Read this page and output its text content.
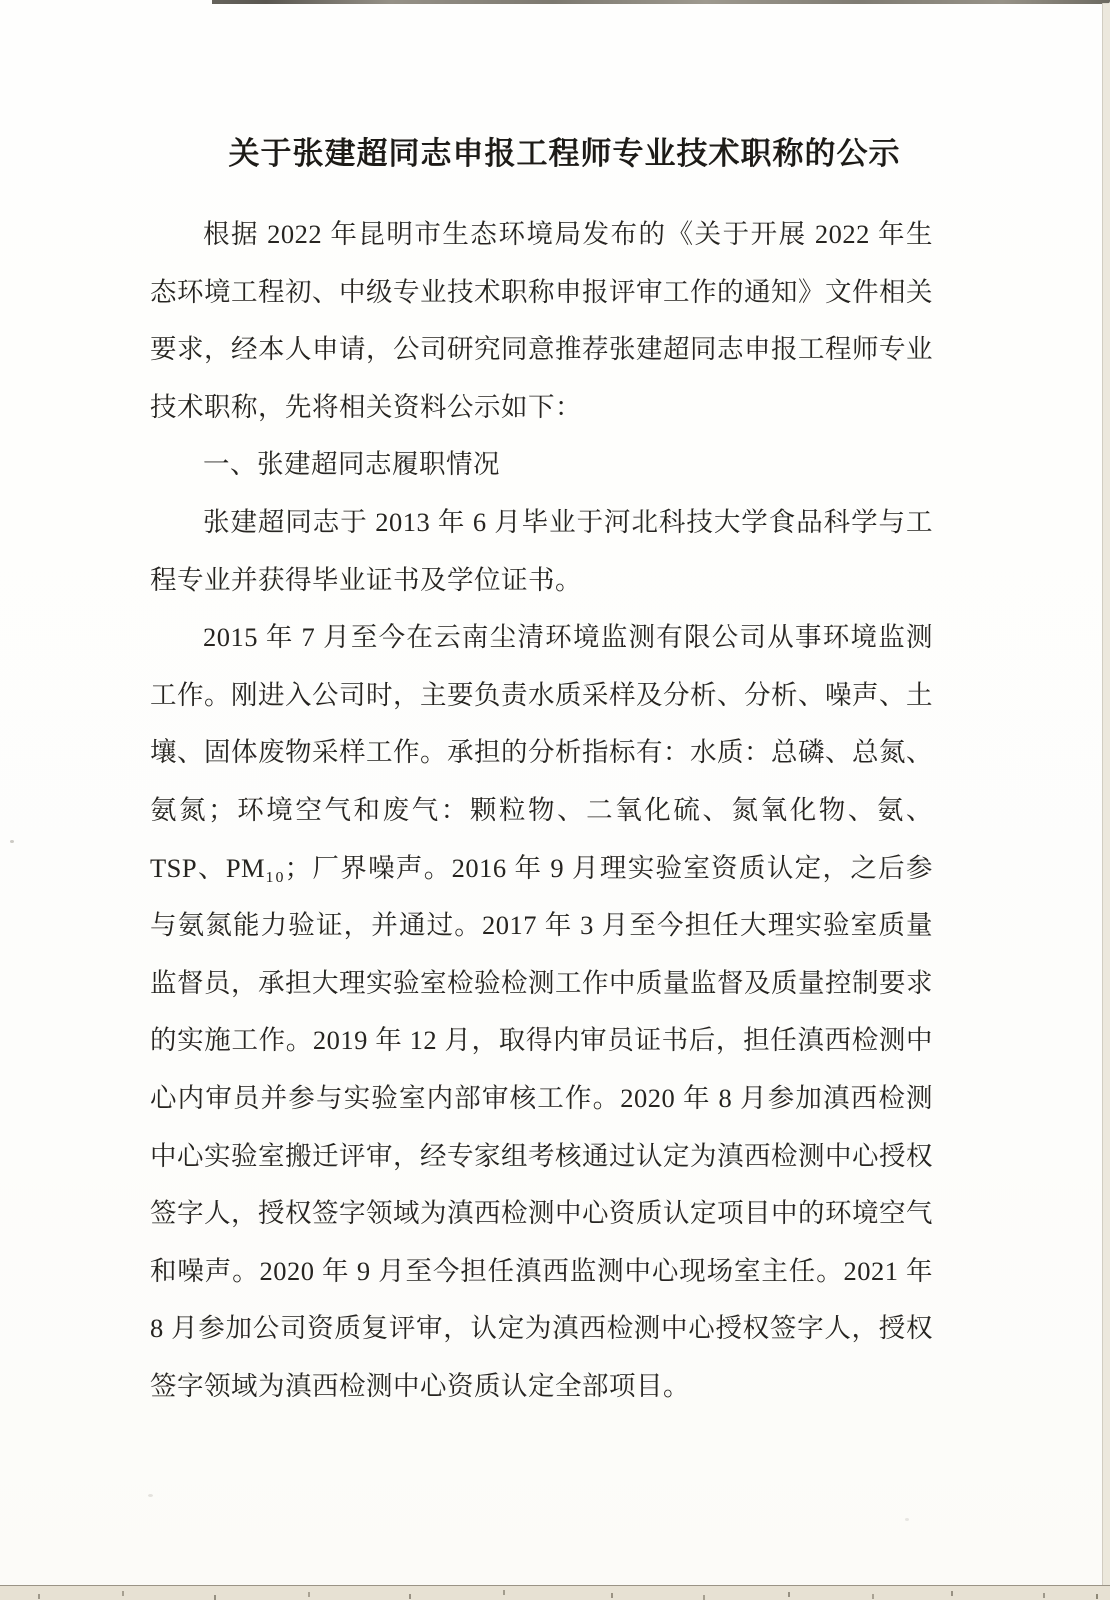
关于张建超同志申报工程师专业技术职称的公示

根据 2022 年昆明市生态环境局发布的《关于开展 2022 年生态环境工程初、中级专业技术职称申报评审工作的通知》文件相关要求，经本人申请，公司研究同意推荐张建超同志申报工程师专业技术职称，先将相关资料公示如下：

一、张建超同志履职情况

张建超同志于 2013 年 6 月毕业于河北科技大学食品科学与工程专业并获得毕业证书及学位证书。

2015 年 7 月至今在云南尘清环境监测有限公司从事环境监测工作。刚进入公司时，主要负责水质采样及分析、分析、噪声、土壤、固体废物采样工作。承担的分析指标有：水质：总磷、总氮、氨氮；环境空气和废气：颗粒物、二氧化硫、氮氧化物、氨、TSP、PM₁₀；厂界噪声。2016 年 9 月理实验室资质认定，之后参与氨氮能力验证，并通过。2017 年 3 月至今担任大理实验室质量监督员，承担大理实验室检验检测工作中质量监督及质量控制要求的实施工作。2019 年 12 月，取得内审员证书后，担任滇西检测中心内审员并参与实验室内部审核工作。2020 年 8 月参加滇西检测中心实验室搬迁评审，经专家组考核通过认定为滇西检测中心授权签字人，授权签字领域为滇西检测中心资质认定项目中的环境空气和噪声。2020 年 9 月至今担任滇西监测中心现场室主任。2021 年 8 月参加公司资质复评审，认定为滇西检测中心授权签字人，授权签字领域为滇西检测中心资质认定全部项目。
